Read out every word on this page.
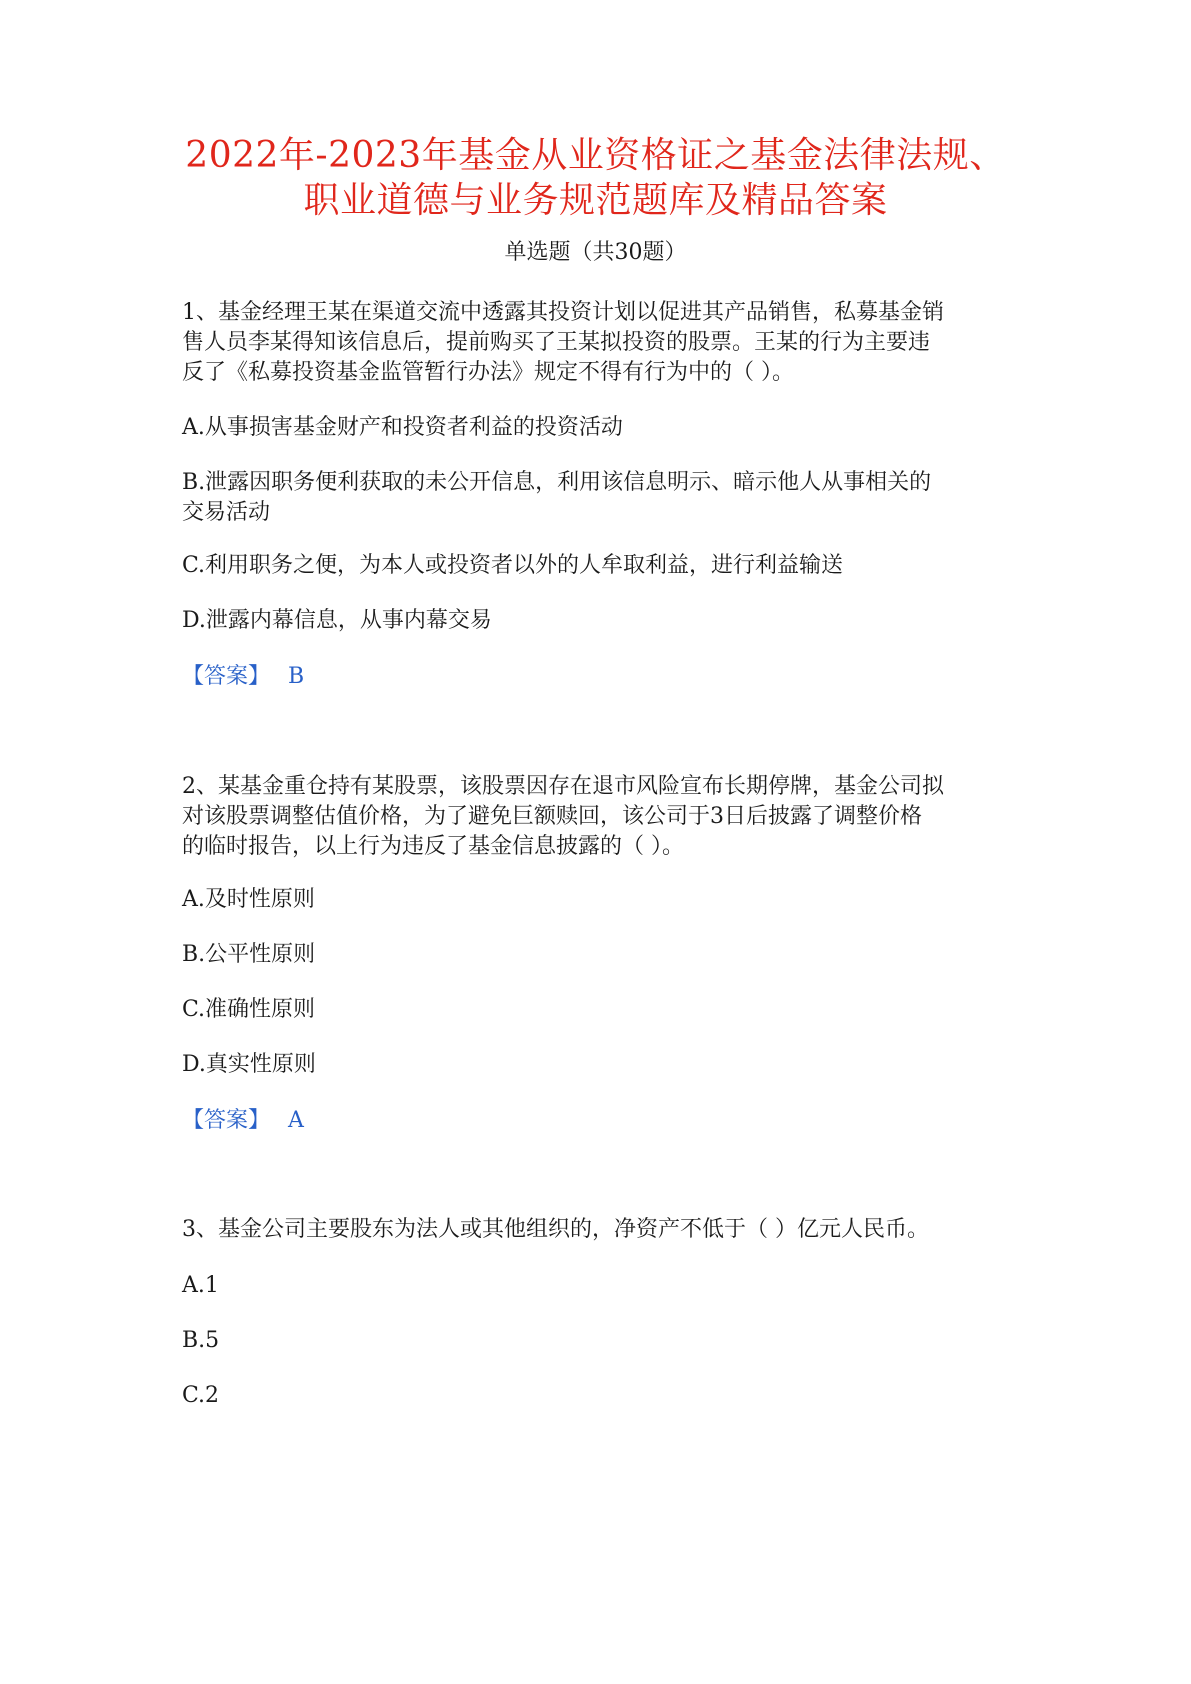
2022年-2023年基金从业资格证之基金法律法规、
职业道德与业务规范题库及精品答案
单选题（共30题）
1、基金经理王某在渠道交流中透露其投资计划以促进其产品销售，私募基金销
售人员李某得知该信息后，提前购买了王某拟投资的股票。王某的行为主要违
反了《私募投资基金监管暂行办法》规定不得有行为中的（ ）。
A.从事损害基金财产和投资者利益的投资活动
B.泄露因职务便利获取的未公开信息，利用该信息明示、暗示他人从事相关的
交易活动
C.利用职务之便，为本人或投资者以外的人牟取利益，进行利益输送
D.泄露内幕信息，从事内幕交易
【答案】 B
2、某基金重仓持有某股票，该股票因存在退市风险宣布长期停牌，基金公司拟
对该股票调整估值价格，为了避免巨额赎回，该公司于3日后披露了调整价格
的临时报告，以上行为违反了基金信息披露的（ ）。
A.及时性原则
B.公平性原则
C.准确性原则
D.真实性原则
【答案】 A
3、基金公司主要股东为法人或其他组织的，净资产不低于（ ）亿元人民币。
A.1
B.5
C.2
